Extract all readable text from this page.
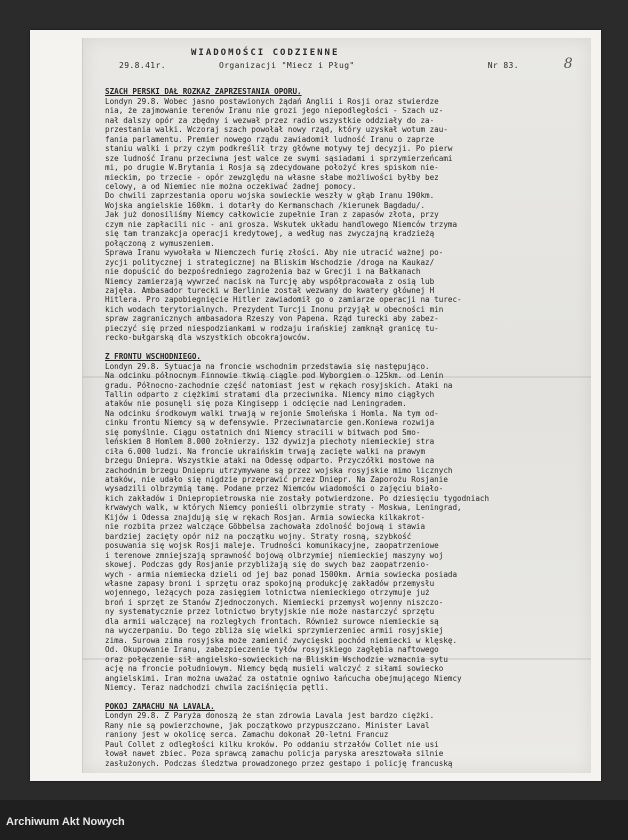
29.8.41r.
WIADOMOŚCI CODZIENNE
Organizacji "Miecz i Pług"	Nr 83.	8

SZACH PERSKI DAŁ ROZKAZ ZAPRZESTANIA OPORU.
Londyn 29.8. Wobec jasno postawionych żądań Anglii i Rosji oraz stwierdze
nia, że zajmowanie terenów Iranu nie grozi jego niepodległości - Szach uz-
nał dalszy opór za zbędny i wezwał przez radio wszystkie oddziały do za-
przestania walki. Wczoraj szach powołał nowy rząd, który uzyskał wotum zau-
fania parlamentu. Premier nowego rządu zawiadomił ludność Iranu o zaprze
staniu walki i przy czym podkreślił trzy główne motywy tej decyzji. Po pierw
sze ludność Iranu przeciwna jest walce ze swymi sąsiadami i sprzymierzeńcami
mi, po drugie W.Brytania i Rosja są zdecydowane położyć kres spiskom nie-
mieckim, po trzecie - opór zewzględu na własne słabe możliwości byłby bez
celowy, a od Niemiec nie można oczekiwać żadnej pomocy.
Do chwili zaprzestania oporu wojska sowieckie weszły w głąb Iranu 190km.
Wojska angielskie 160km. i dotarły do Kermanschach /kierunek Bagdadu/.
Jak już donosiliśmy Niemcy całkowicie zupełnie Iran z zapasów złota, przy
czym nie zapłacili nic - ani grosza. Wskutek układu handlowego Niemców trzyma
się tam tranzakcja operacji kredytowej, a według nas zwyczajną kradzieżą
połączoną z wymuszeniem.
Sprawa Iranu wywołała w Niemczech furię złości. Aby nie utracić ważnej po-
zycji politycznej i strategicznej na Bliskim Wschodzie /droga na Kaukaz/
nie dopuścić do bezpośredniego zagrożenia baz w Grecji i na Bałkanach
Niemcy zamierzają wywrzeć nacisk na Turcję aby współpracowała z osią lub
zajęła. Ambasador turecki w Berlinie został wezwany do kwatery głównej H
Hitlera. Pro zapobiegnięcie Hitler zawiadomił go o zamiarze operacji na turec-
kich wodach terytorialnych. Prezydent Turcji Inonu przyjął w obecności min
spraw zagranicznych ambasadora Rzeszy von Papena. Rząd turecki aby zabez-
pieczyć się przed niespodziankami w rodzaju irańskiej zamknął granicę tu-
recko-bułgarską dla wszystkich obcokrajowców.

Z FRONTU WSCHODNIEGO.
Londyn 29.8. Sytuacja na froncie wschodnim przedstawia się następująco.
Na odcinku północnym Finnowie tkwią ciągle pod Wyborgiem o 125km. od Lenin
gradu. Północno-zachodnie część natomiast jest w rękach rosyjskich. Ataki na
Tallin odparto z ciężkimi stratami dla przeciwnika. Niemcy mimo ciągłych
ataków nie posunęli się poza Kingisepp i odcięcie nad Leningradem.
Na odcinku środkowym walki trwają w rejonie Smoleńska i Homla. Na tym od-
cinku frontu Niemcy są w defensywie. Przeciwnatarcie gen.Koniewa rozwija
się pomyślnie. Ciągu ostatnich dni Niemcy stracili w bitwach pod Smo-
leńskiem 8 Homlem 8.000 żołnierzy. 132 dywizja piechoty niemieckiej stra
ciła 6.000 ludzi. Na froncie ukraińskim trwają zacięte walki na prawym
brzegu Dniepra. Wszystkie ataki na Odessę odparto. Przyczółki mostowe na
zachodnim brzegu Dniepru utrzymywane są przez wojska rosyjskie mimo licznych
ataków, nie udało się nigdzie przeprawić przez Dniepr. Na Zaporożu Rosjanie
wysadzili olbrzymią tamę. Podane przez Niemców wiadomości o zajęciu biało-
kich zakładów i Dniepropietrowska nie zostały potwierdzone. Po dziesięciu tygodniach
krwawych walk, w których Niemcy ponieśli olbrzymie straty - Moskwa, Leningrad,
Kijów i Odessa znajdują się w rękach Rosjan. Armia sowiecka kilkakrot-
nie rozbita przez walczące Göbbelsa zachowała zdolność bojową i stawia
bardziej zacięty opór niż na początku wojny. Straty rosną, szybkość
posuwania się wojsk Rosji maleje. Trudności komunikacyjne, zaopatrzeniowe
i terenowe zmniejszają sprawność bojową olbrzymiej niemieckiej maszyny woj
skowej. Podczas gdy Rosjanie przybliżają się do swych baz zaopatrzenio-
wych - armia niemiecka dzieli od jej baz ponad 1500km. Armia sowiecka posiada
własne zapasy broni i sprzętu oraz spokojną produkcję zakładów przemysłu
wojennego, leżących poza zasięgiem lotnictwa niemieckiego otrzymuje już
broń i sprzęt ze Stanów Zjednoczonych. Niemiecki przemysł wojenny niszczo-
ny systematycznie przez lotnictwo brytyjskie nie może nastarczyć sprzętu
dla armii walczącej na rozległych frontach. Również surowce niemieckie są
na wyczerpaniu. Do tego zbliża się wielki sprzymierzeniec armii rosyjskiej
zima. Surowa zima rosyjska może zamienić zwycięski pochód niemiecki w klęskę.
Od. Okupowanie Iranu, zabezpieczenie tyłów rosyjskiego zagłębia naftowego
oraz połączenie sił angielsko-sowieckich na Bliskim Wschodzie wzmacnia sytu
ację na froncie południowym. Niemcy będą musieli walczyć z siłami sowiecko
angielskimi. Iran można uważać za ostatnie ogniwo łańcucha obejmującego Niemcy
Niemcy. Teraz nadchodzi chwila zaciśnięcia pętli.

POKOJ ZAMACHU NA LAVALA.
Londyn 29.8. Z Paryża donoszą że stan zdrowia Lavala jest bardzo ciężki.
Rany nie są powierzchowne, jak początkowo przypuszczano. Minister Laval
raniony jest w okolicę serca. Zamachu dokonał 20-letni Francuz
Paul Collet z odległości kilku kroków. Po oddaniu strzałów Collet nie usi
łował nawet zbiec. Poza sprawcą zamachu policja paryska aresztowała silnie
zasłużonych. Podczas śledztwa prowadzonego przez gestapo i policję francuską

Archiwum Akt Nowych
